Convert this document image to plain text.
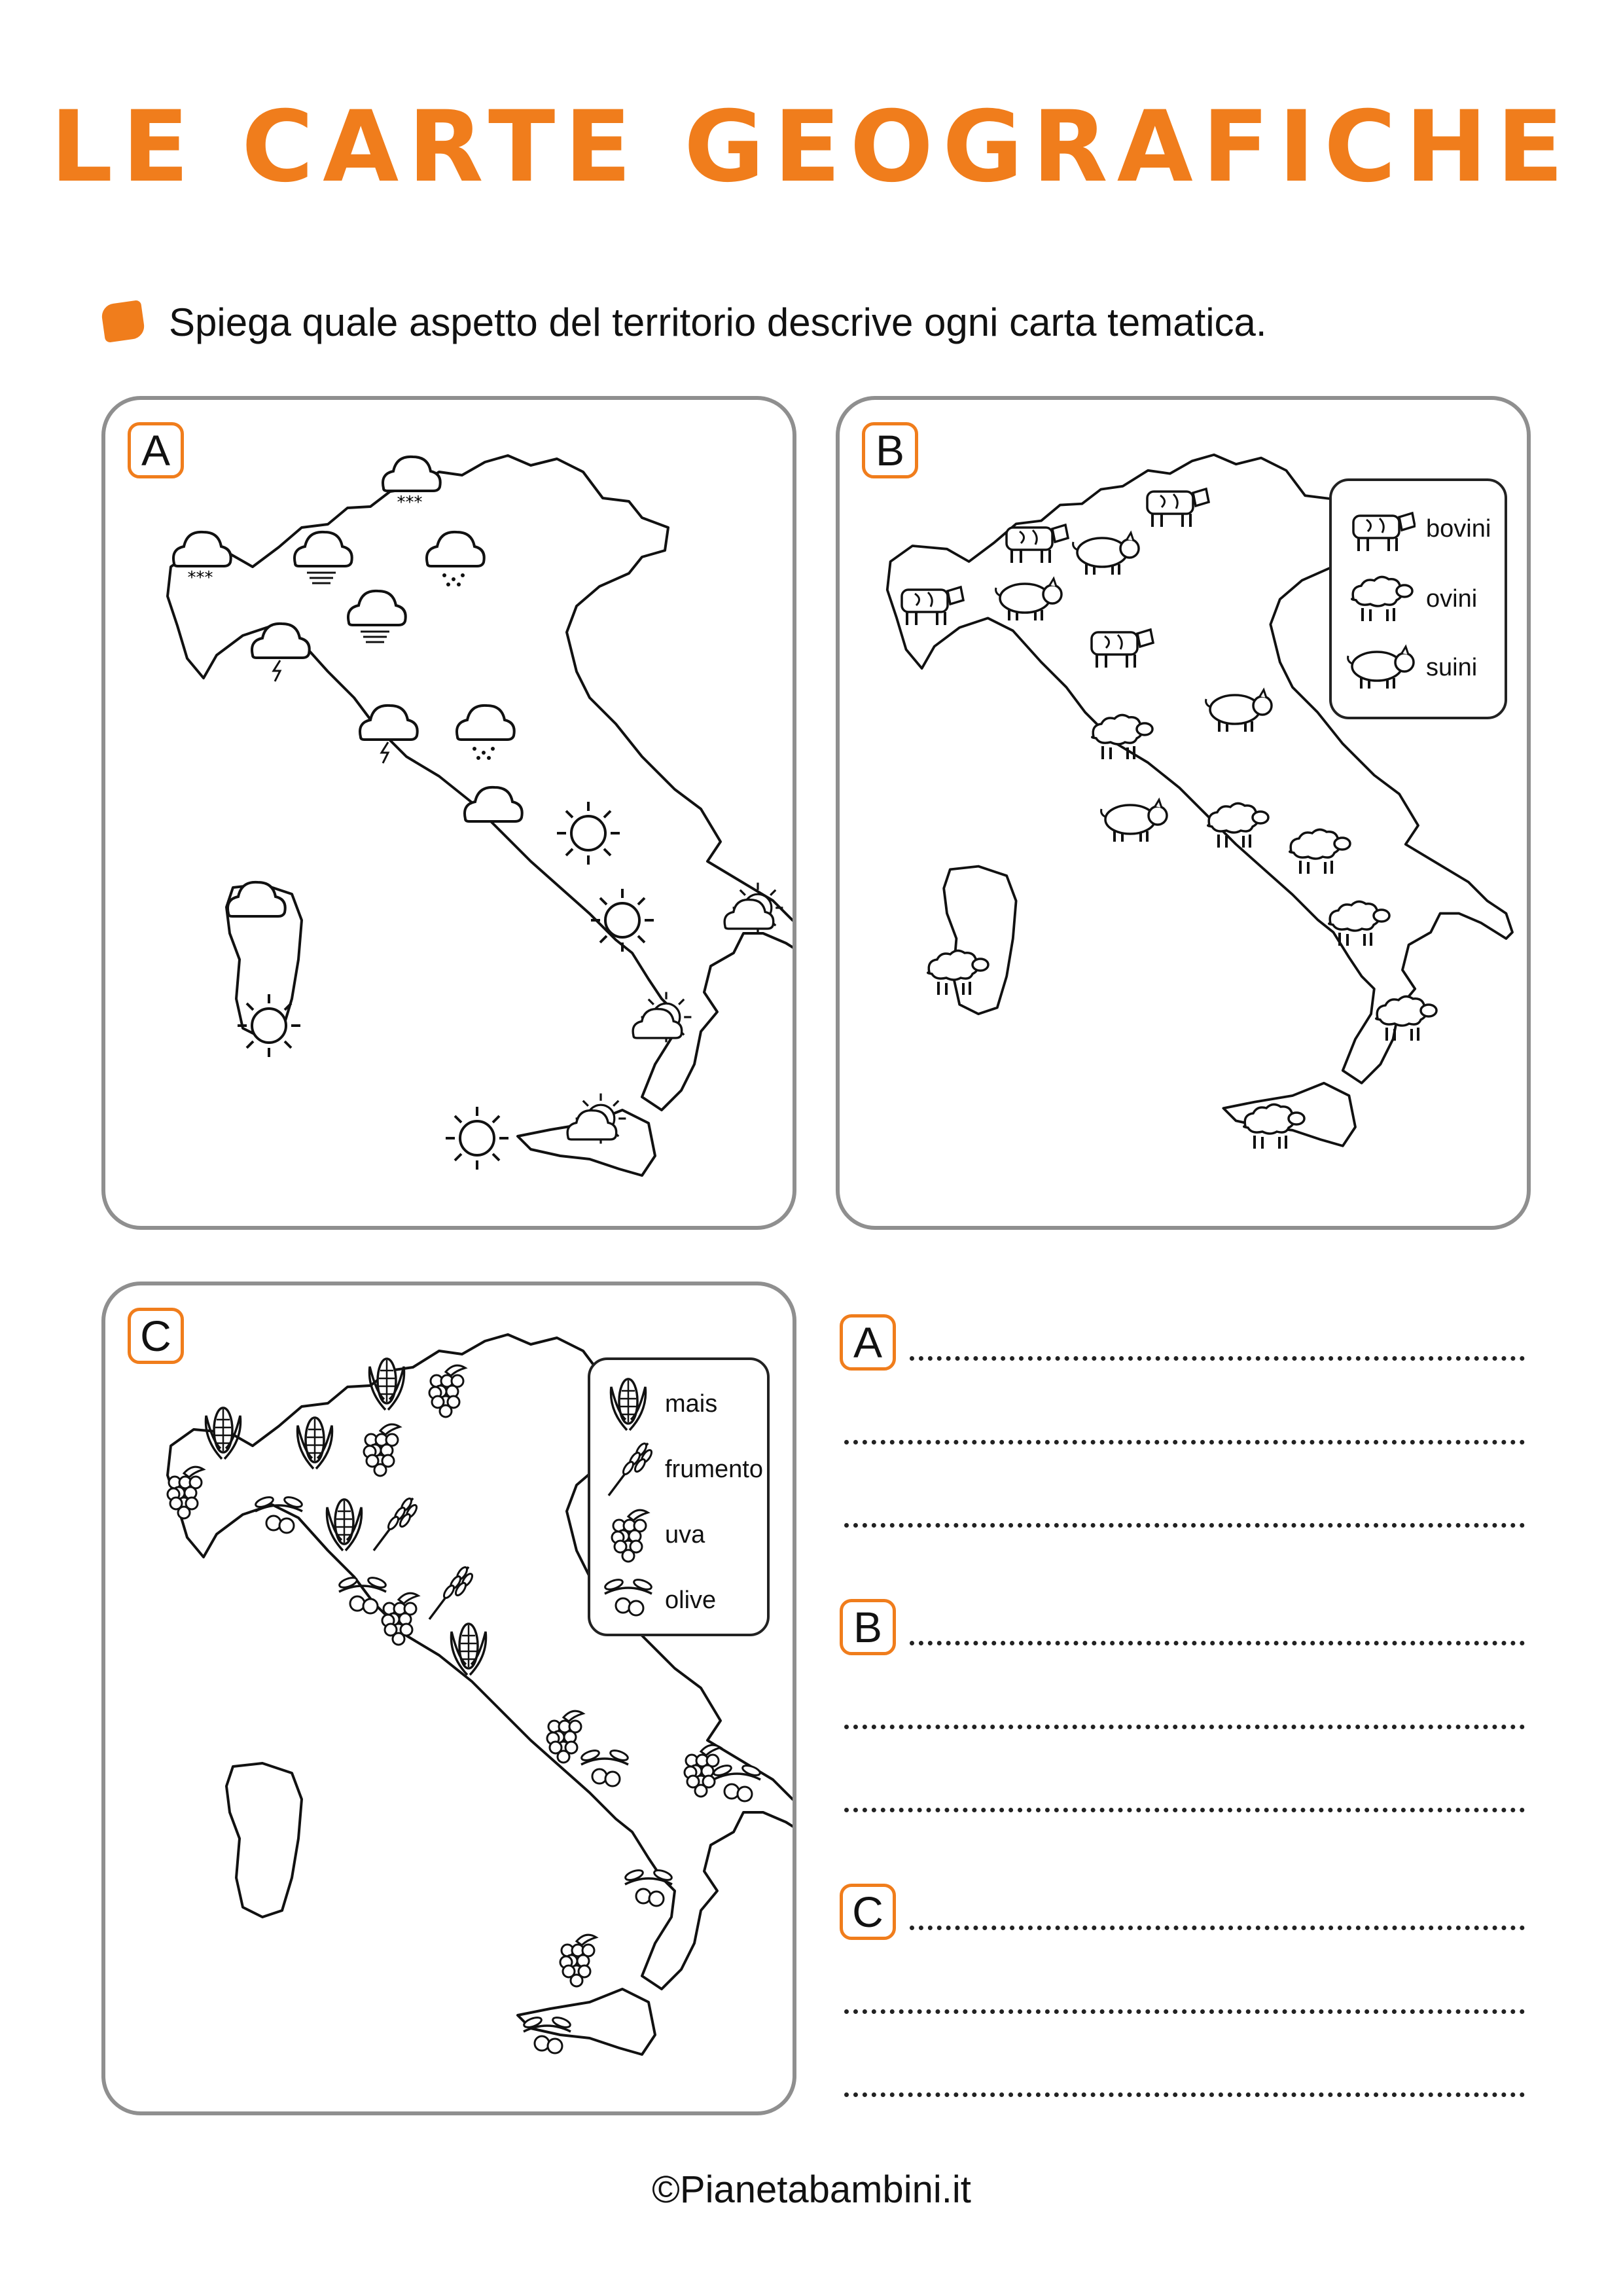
LE CARTE GEOGRAFICHE
Spiega quale aspetto del territorio descrive ogni carta tematica.
A	B
bovini
ovini
suini
C
mais
frumento
uva
olive
A
B
C
©Pianetabambini.it
